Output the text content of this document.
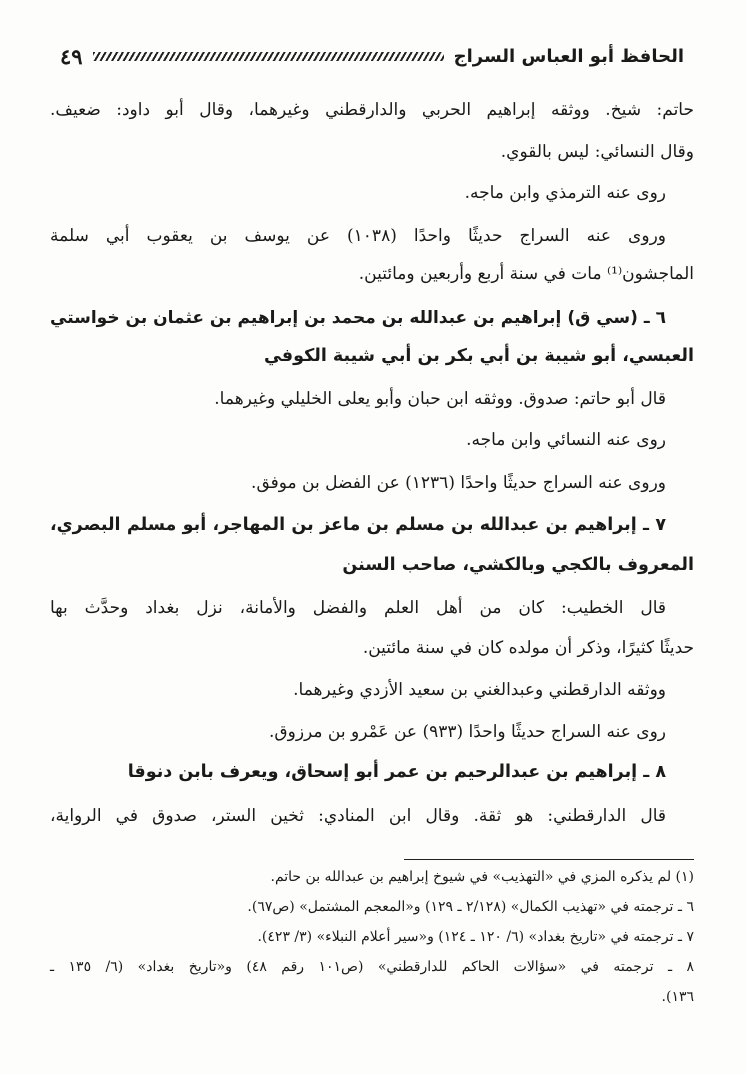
الحافظ أبو العباس السراج
٤٩
حاتم: شيخ. ووثقه إبراهيم الحربي والدارقطني وغيرهما، وقال أبو داود: ضعيف.
وقال النسائي: ليس بالقوي.
روى عنه الترمذي وابن ماجه.
وروى عنه السراج حديثًا واحدًا (١٠٣٨) عن يوسف بن يعقوب أبي سلمة
الماجشون⁽¹⁾ مات في سنة أربع وأربعين ومائتين.
٦ ـ (سي ق) إبراهيم بن عبدالله بن محمد بن إبراهيم بن عثمان بن خواستي
العبسي، أبو شيبة بن أبي بكر بن أبي شيبة الكوفي
قال أبو حاتم: صدوق. ووثقه ابن حبان وأبو يعلى الخليلي وغيرهما.
روى عنه النسائي وابن ماجه.
وروى عنه السراج حديثًا واحدًا (١٢٣٦) عن الفضل بن موفق.
٧ ـ إبراهيم بن عبدالله بن مسلم بن ماعز بن المهاجر، أبو مسلم البصري،
المعروف بالكجي وبالكشي، صاحب السنن
قال الخطيب: كان من أهل العلم والفضل والأمانة، نزل بغداد وحدَّث بها
حديثًا كثيرًا، وذكر أن مولده كان في سنة مائتين.
ووثقه الدارقطني وعبدالغني بن سعيد الأزدي وغيرهما.
روى عنه السراج حديثًا واحدًا (٩٣٣) عن عَمْرو بن مرزوق.
٨ ـ إبراهيم بن عبدالرحيم بن عمر أبو إسحاق، ويعرف بابن دنوقا
قال الدارقطني: هو ثقة. وقال ابن المنادي: ثخين الستر، صدوق في الرواية،
(١) لم يذكره المزي في «التهذيب» في شيوخ إبراهيم بن عبدالله بن حاتم.
٦ ـ ترجمته في «تهذيب الكمال» (٢/١٢٨ ـ ١٢٩) و«المعجم المشتمل» (ص٦٧).
٧ ـ ترجمته في «تاريخ بغداد» (٦/ ١٢٠ ـ ١٢٤) و«سير أعلام النبلاء» (٣/ ٤٢٣).
٨ ـ ترجمته في «سؤالات الحاكم للدارقطني» (ص١٠١ رقم ٤٨) و«تاريخ بغداد» (٦/ ١٣٥ ـ
١٣٦).
